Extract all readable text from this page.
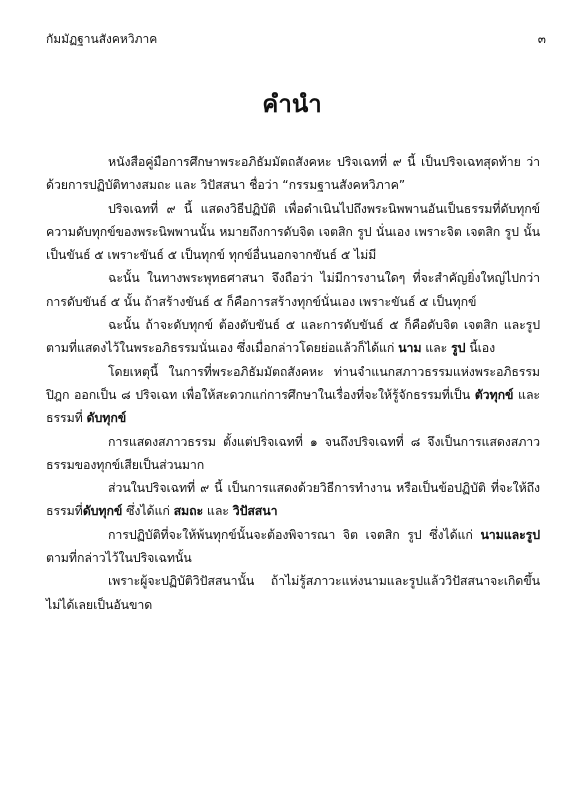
กัมมัฏฐานสังคหวิภาค	๓
คำนำ

หนังสือคู่มือการศึกษาพระอภิธัมมัตถสังคหะ ปริจเฉทที่ ๙ นี้ เป็นปริจเฉทสุดท้าย ว่าด้วยการปฏิบัติทางสมถะ และ วิปัสสนา ชื่อว่า “กรรมฐานสังคหวิภาค”

ปริจเฉทที่ ๙ นี้ แสดงวิธีปฏิบัติ เพื่อดำเนินไปถึงพระนิพพานอันเป็นธรรมที่ดับทุกข์ ความดับทุกข์ของพระนิพพานนั้น หมายถึงการดับจิต เจตสิก รูป นั่นเอง เพราะจิต เจตสิก รูป นั้น เป็นขันธ์ ๕ เพราะขันธ์ ๕ เป็นทุกข์ ทุกข์อื่นนอกจากขันธ์ ๕ ไม่มี

ฉะนั้น ในทางพระพุทธศาสนา จึงถือว่า ไม่มีการงานใดๆ ที่จะสำคัญยิ่งใหญ่ไปกว่าการดับขันธ์ ๕ นั้น ถ้าสร้างขันธ์ ๕ ก็คือการสร้างทุกข์นั่นเอง เพราะขันธ์ ๕ เป็นทุกข์

ฉะนั้น ถ้าจะดับทุกข์ ต้องดับขันธ์ ๕ และการดับขันธ์ ๕ ก็คือดับจิต เจตสิก และรูป ตามที่แสดงไว้ในพระอภิธรรมนั่นเอง ซึ่งเมื่อกล่าวโดยย่อแล้วก็ได้แก่ นาม และ รูป นี้เอง

โดยเหตุนี้ ในการที่พระอภิธัมมัตถสังคหะ ท่านจำแนกสภาวธรรมแห่งพระอภิธรรมปิฎก ออกเป็น ๘ ปริจเฉท เพื่อให้สะดวกแก่การศึกษาในเรื่องที่จะให้รู้จักธรรมที่เป็น ตัวทุกข์ และธรรมที่ ดับทุกข์

การแสดงสภาวธรรม ตั้งแต่ปริจเฉทที่ ๑ จนถึงปริจเฉทที่ ๘ จึงเป็นการแสดงสภาวธรรมของทุกข์เสียเป็นส่วนมาก

ส่วนในปริจเฉทที่ ๙ นี้ เป็นการแสดงด้วยวิธีการทำงาน หรือเป็นข้อปฏิบัติ ที่จะให้ถึงธรรมที่ดับทุกข์ ซึ่งได้แก่ สมถะ และ วิปัสสนา

การปฏิบัติที่จะให้พ้นทุกข์นั้นจะต้องพิจารณา จิต เจตสิก รูป ซึ่งได้แก่ นามและรูป ตามที่กล่าวไว้ในปริจเฉทนั้น

เพราะผู้จะปฏิบัติวิปัสสนานั้น ถ้าไม่รู้สภาวะแห่งนามและรูปแล้ววิปัสสนาจะเกิดขึ้นไม่ได้เลยเป็นอันขาด
